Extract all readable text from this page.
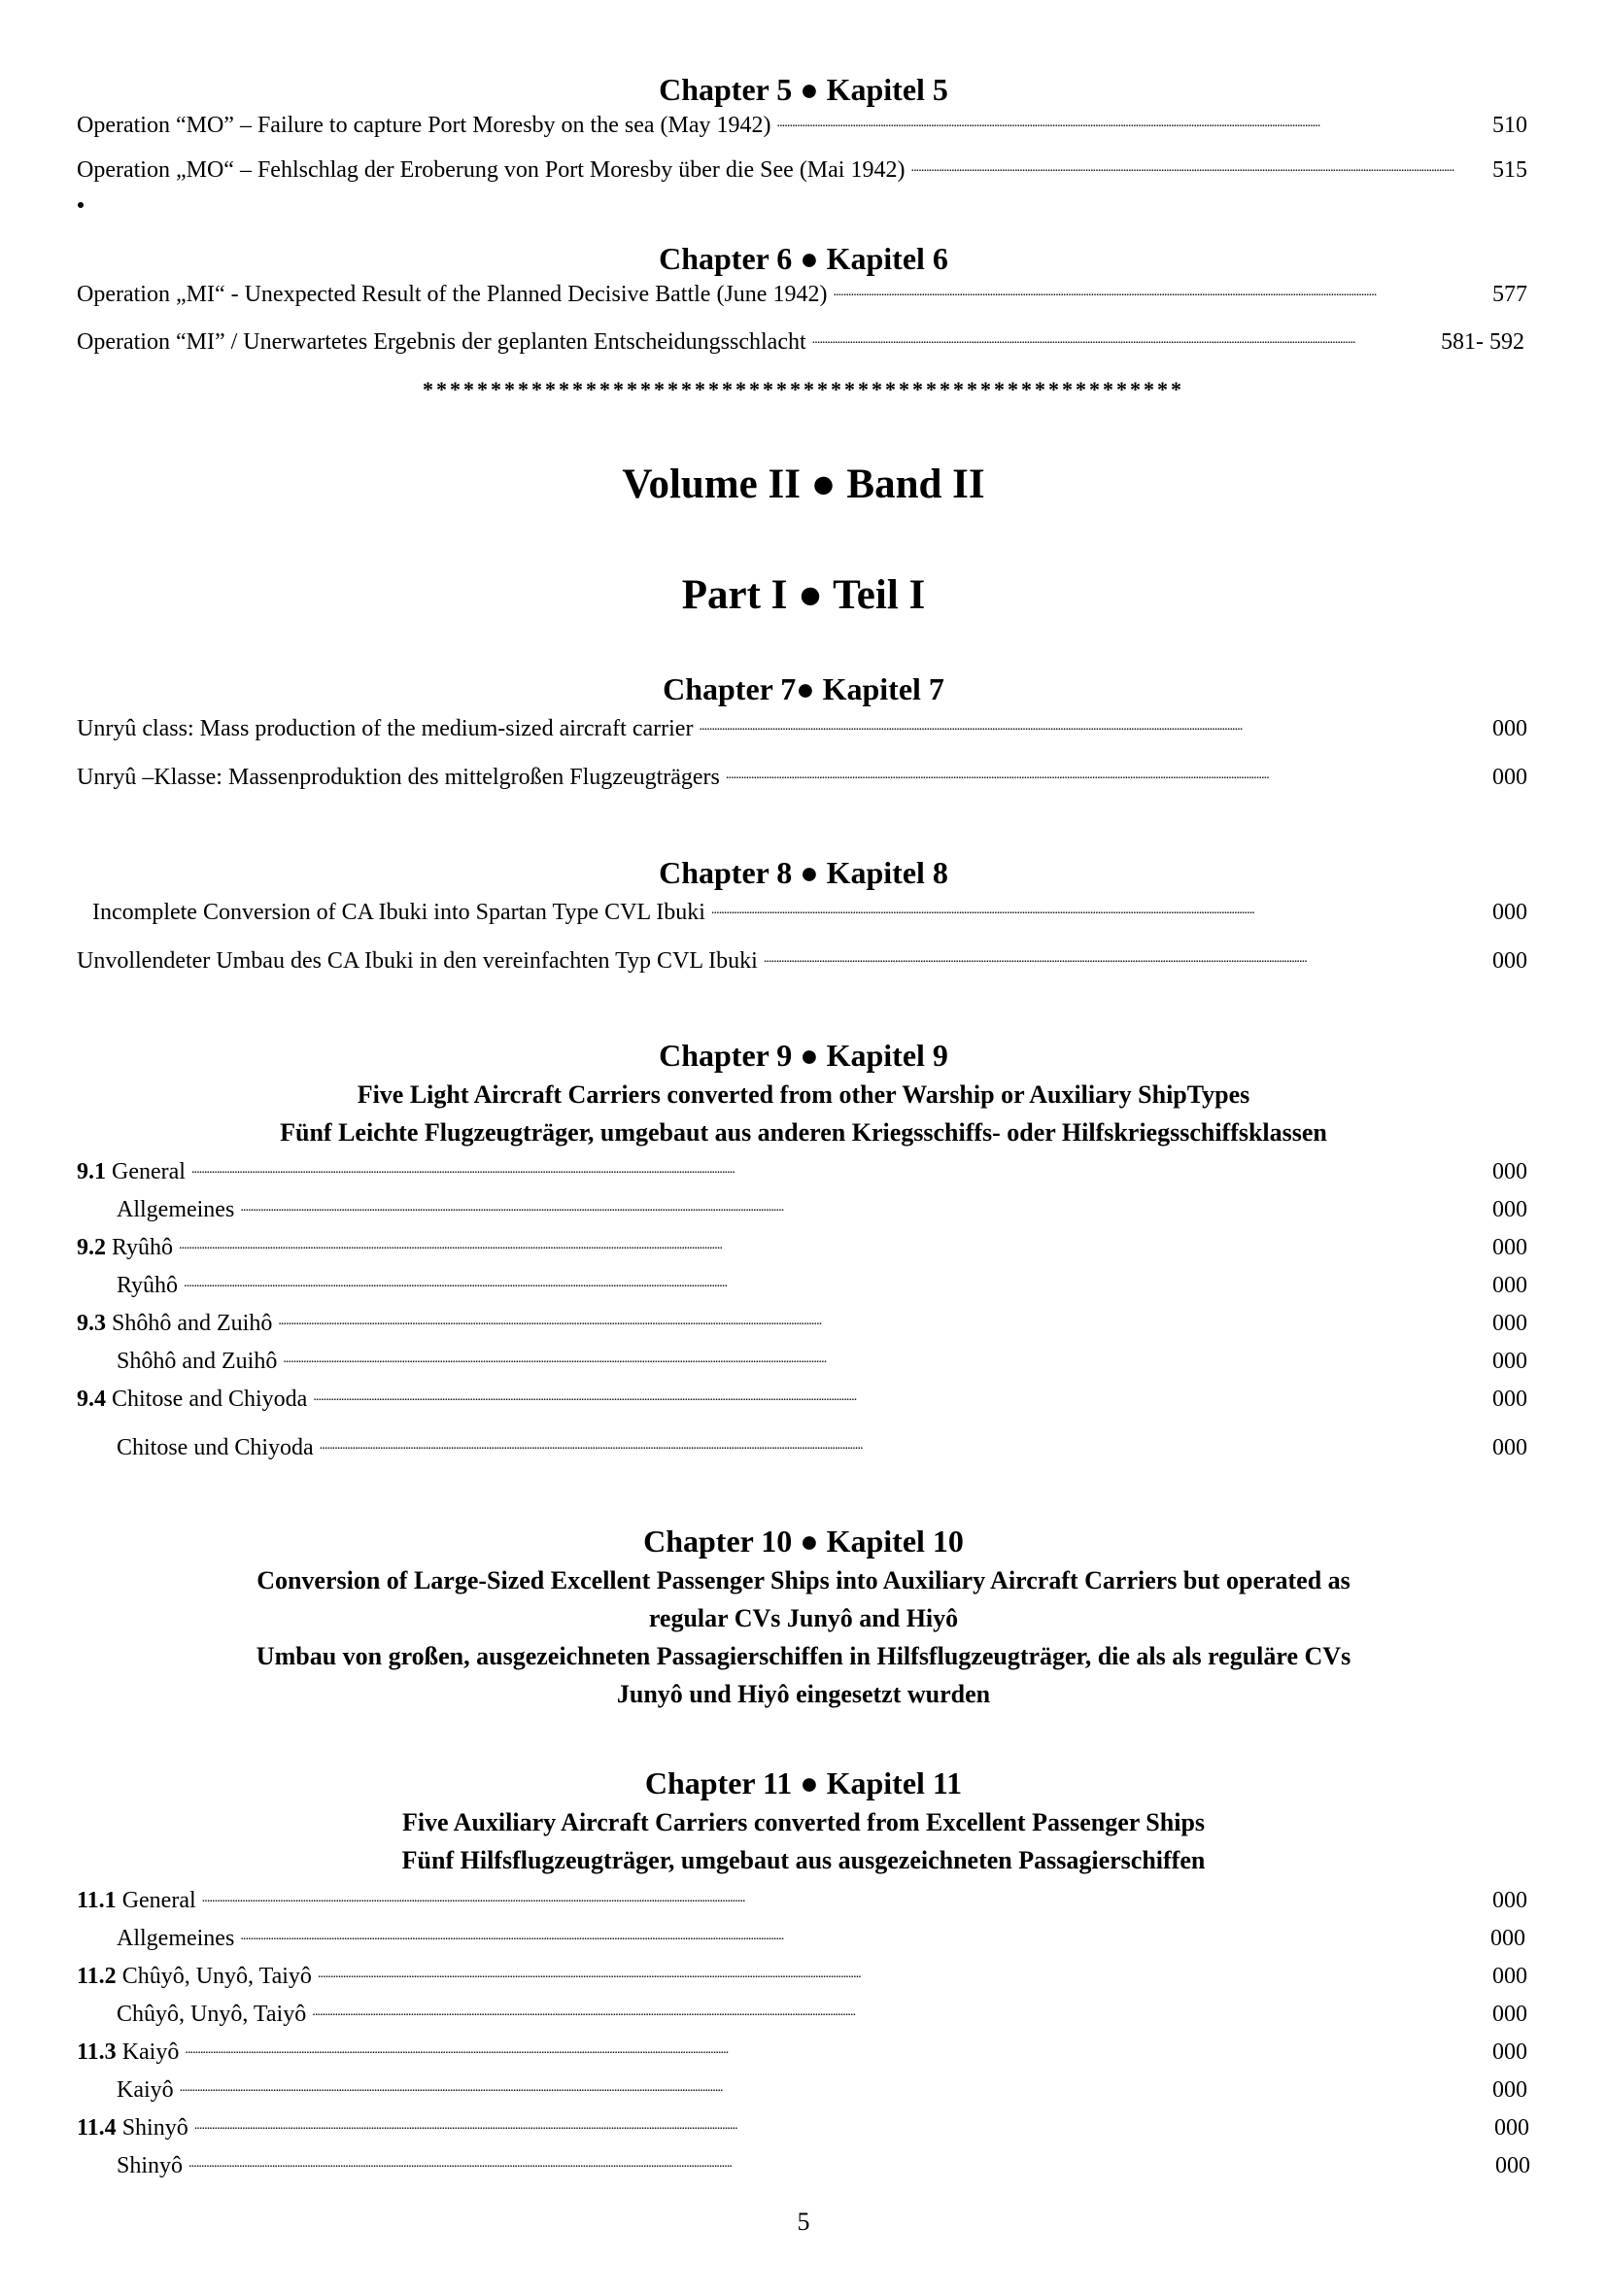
Chapter 5 ● Kapitel 5
Operation “MO” – Failure to capture Port Moresby on the sea (May 1942) . . .	510
Operation „MO“ – Fehlschlag der Eroberung von Port Moresby über die See (Mai 1942) . . .	515
Chapter 6 ● Kapitel 6
Operation „MI“ - Unexpected Result of the Planned Decisive Battle (June 1942) . . .	577
Operation “MI” / Unerwartetes Ergebnis der geplanten Entscheidungsschlacht . . .	581- 592
********************************************************
Volume II ● Band II
Part I ● Teil I
Chapter 7● Kapitel 7
Unryû class: Mass production of the medium-sized aircraft carrier . . .	000
Unryû –Klasse: Massenproduktion des mittelgroßen Flugzeugträgers . . .	000
Chapter 8 ● Kapitel 8
Incomplete Conversion of CA Ibuki into Spartan Type CVL Ibuki . . .	000
Unvollendeter Umbau des CA Ibuki in den vereinfachten Typ CVL Ibuki . . .	000
Chapter 9 ● Kapitel 9
Five Light Aircraft Carriers converted from other Warship or Auxiliary ShipTypes
Fünf Leichte Flugzeugträger, umgebaut aus anderen Kriegsschiffs- oder Hilfskriegsschiffsklassen
9.1 General . . .	000
Allgemeines . . .	000
9.2 Ryûhô . . .	000
Ryûhô . . .	000
9.3 Shôhô and Zuihô . . .	000
Shôhô and Zuihô . . .	000
9.4 Chitose and Chiyoda . . .	000
Chitose und Chiyoda . . .	000
Chapter 10 ● Kapitel 10
Conversion of Large-Sized Excellent Passenger Ships into Auxiliary Aircraft Carriers but operated as
regular CVs Junyô and Hiyô
Umbau von großen, ausgezeichneten Passagierschiffen in Hilfsflugzeugträger, die als als reguläre CVs
Junyô und Hiyô eingesetzt wurden
Chapter 11 ● Kapitel 11
Five Auxiliary Aircraft Carriers converted from Excellent Passenger Ships
Fünf Hilfsflugzeugträger, umgebaut aus ausgezeichneten Passagierschiffen
11.1 General . . .	000
Allgemeines . . .	000
11.2 Chûyô, Unyô, Taiyô . . .	000
Chûyô, Unyô, Taiyô . . .	000
11.3 Kaiyô . . .	000
Kaiyô . . .	000
11.4 Shinyô . . .	000
Shinyô . . .	000
5
